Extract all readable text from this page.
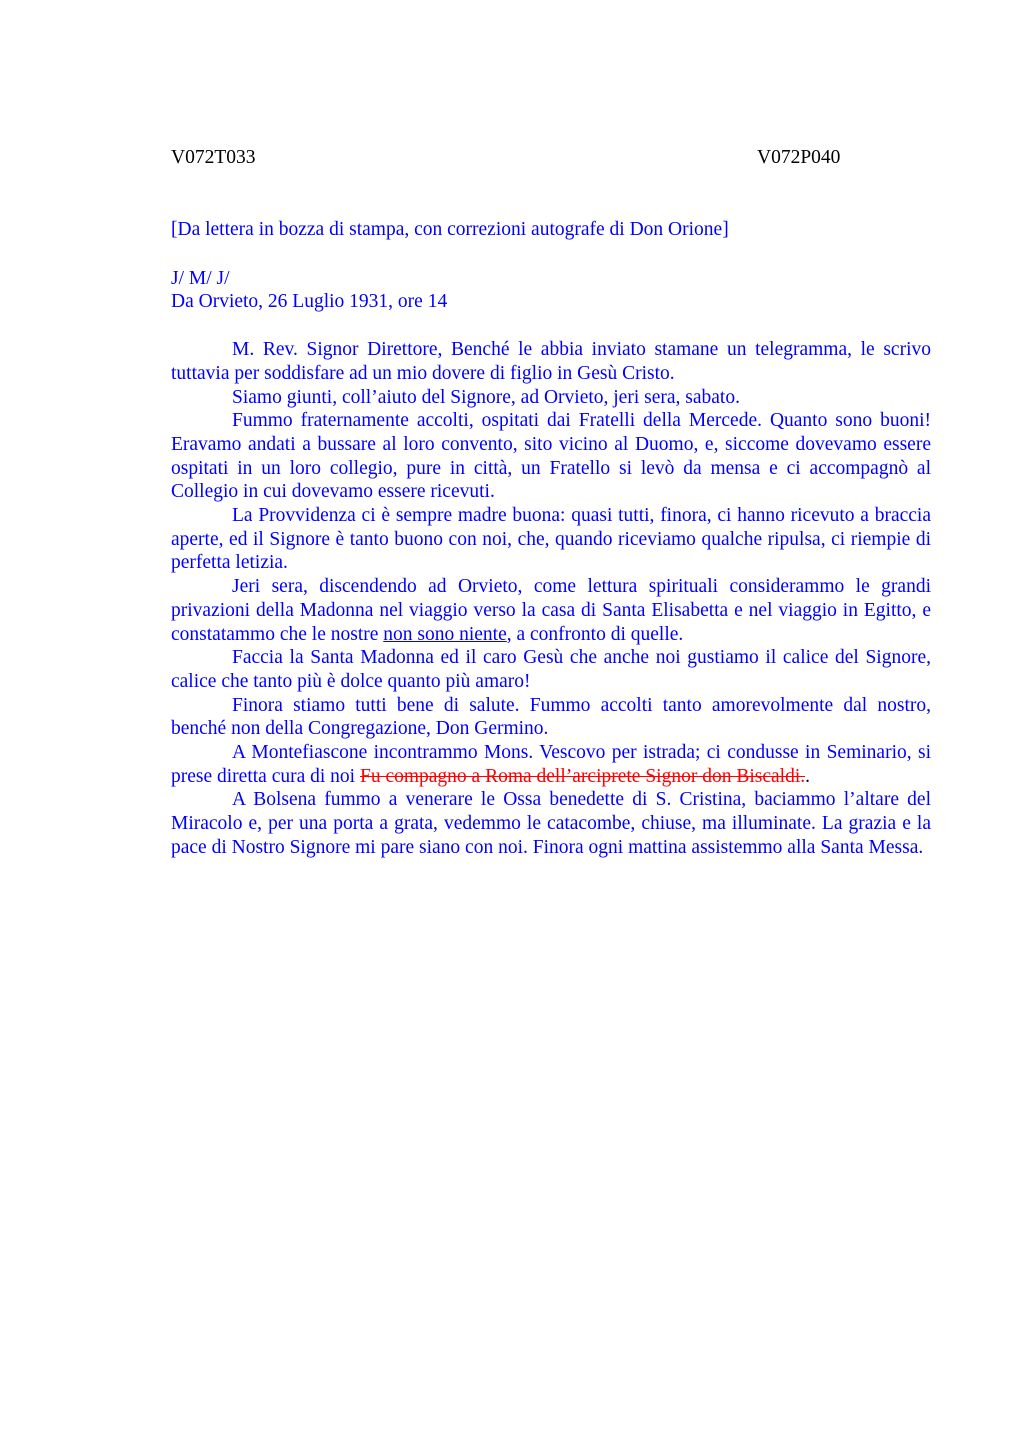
V072T033	V072P040

[Da lettera in bozza di stampa, con correzioni autografe di Don Orione]

J/ M/ J/

Da Orvieto, 26 Luglio 1931, ore 14

M. Rev. Signor Direttore, Benché le abbia inviato stamane un telegramma, le scrivo tuttavia per soddisfare ad un mio dovere di figlio in Gesù Cristo.

Siamo giunti, coll’aiuto del Signore, ad Orvieto, jeri sera, sabato.

Fummo fraternamente accolti, ospitati dai Fratelli della Mercede. Quanto sono buoni! Eravamo andati a bussare al loro convento, sito vicino al Duomo, e, siccome dovevamo essere ospitati in un loro collegio, pure in città, un Fratello si levò da mensa e ci accompagnò al Collegio in cui dovevamo essere ricevuti.

La Provvidenza ci è sempre madre buona: quasi tutti, finora, ci hanno ricevuto a braccia aperte, ed il Signore è tanto buono con noi, che, quando riceviamo qualche ripulsa, ci riempie di perfetta letizia.

Jeri sera, discendendo ad Orvieto, come lettura spirituali considerammo le grandi privazioni della Madonna nel viaggio verso la casa di Santa Elisabetta e nel viaggio in Egitto, e constatammo che le nostre non sono niente, a confronto di quelle.

Faccia la Santa Madonna ed il caro Gesù che anche noi gustiamo il calice del Signore, calice che tanto più è dolce quanto più amaro!

Finora stiamo tutti bene di salute. Fummo accolti tanto amorevolmente dal nostro, benché non della Congregazione, Don Germino.

A Montefiascone incontrammo Mons. Vescovo per istrada; ci condusse in Seminario, si prese diretta cura di noi Fu compagno a Roma dell’arciprete Signor don Biscaldi..

A Bolsena fummo a venerare le Ossa benedette di S. Cristina, baciammo l’altare del Miracolo e, per una porta a grata, vedemmo le catacombe, chiuse, ma illuminate. La grazia e la pace di Nostro Signore mi pare siano con noi. Finora ogni mattina assistemmo alla Santa Messa.
